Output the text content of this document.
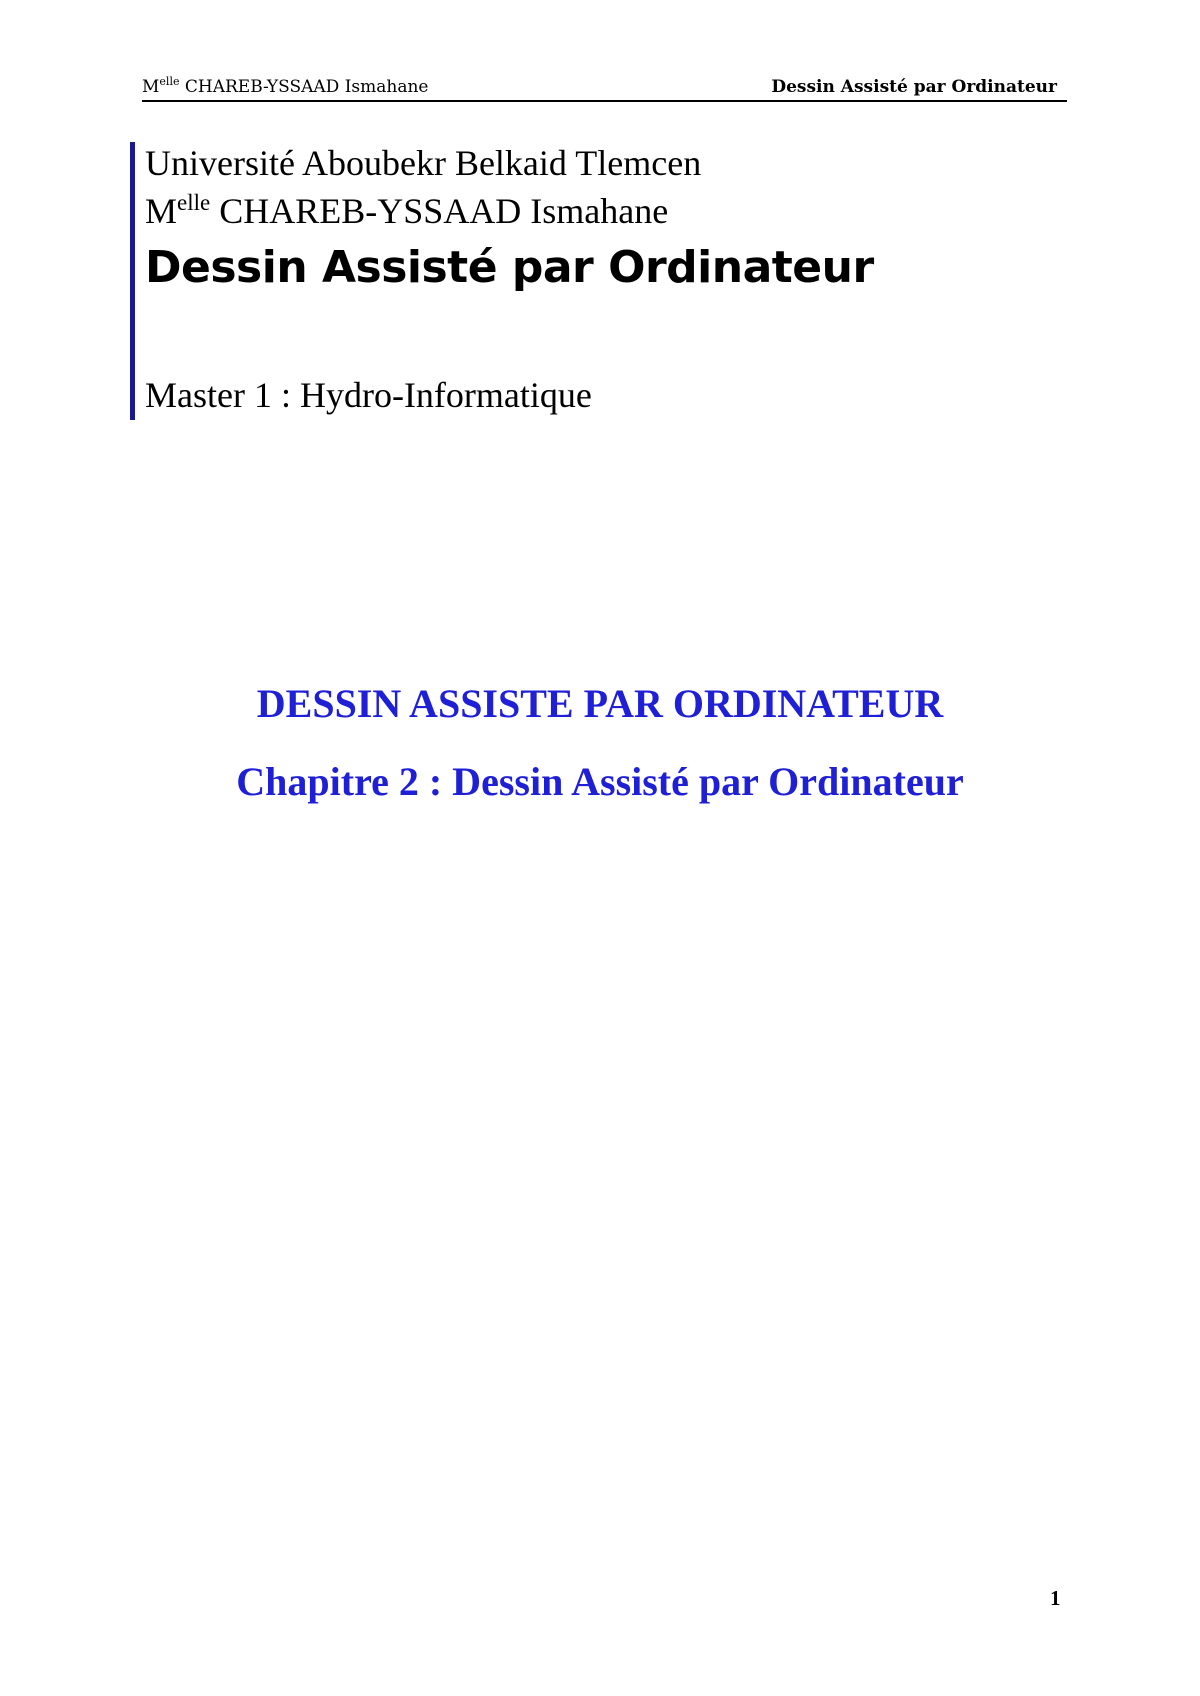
$M^{elle}$ CHAREB-YSSAAD Ismahane	Dessin Assisté par Ordinateur
Université Aboubekr Belkaid Tlemcen
$M^{elle}$ CHAREB-YSSAAD Ismahane
Dessin Assisté par Ordinateur
Master 1 : Hydro-Informatique
DESSIN ASSISTE PAR ORDINATEUR
Chapitre 2 : Dessin Assisté par Ordinateur
1
